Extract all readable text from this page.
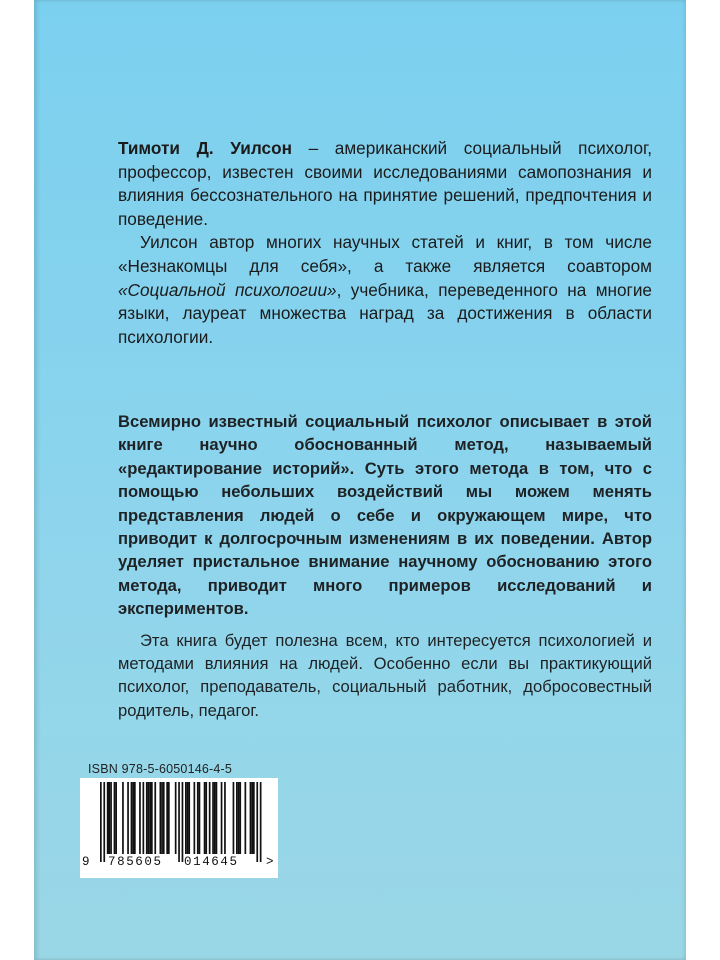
Тимоти Д. Уилсон – американский социальный психолог, профессор, известен своими исследованиями самопознания и влияния бессознательного на принятие решений, предпочтения и поведение.

Уилсон автор многих научных статей и книг, в том числе «Незнакомцы для себя», а также является соавтором «Социальной психологии», учебника, переведенного на многие языки, лауреат множества наград за достижения в области психологии.

Всемирно известный социальный психолог описывает в этой книге научно обоснованный метод, называемый «редактирование историй». Суть этого метода в том, что с помощью небольших воздействий мы можем менять представления людей о себе и окружающем мире, что приводит к долгосрочным изменениям в их поведении. Автор уделяет пристальное внимание научному обоснованию этого метода, приводит много примеров исследований и экспериментов.

Эта книга будет полезна всем, кто интересуется психологией и методами влияния на людей. Особенно если вы практикующий психолог, преподаватель, социальный работник, добросовестный родитель, педагог.

ISBN 978-5-6050146-4-5
9 785605 014645 >
